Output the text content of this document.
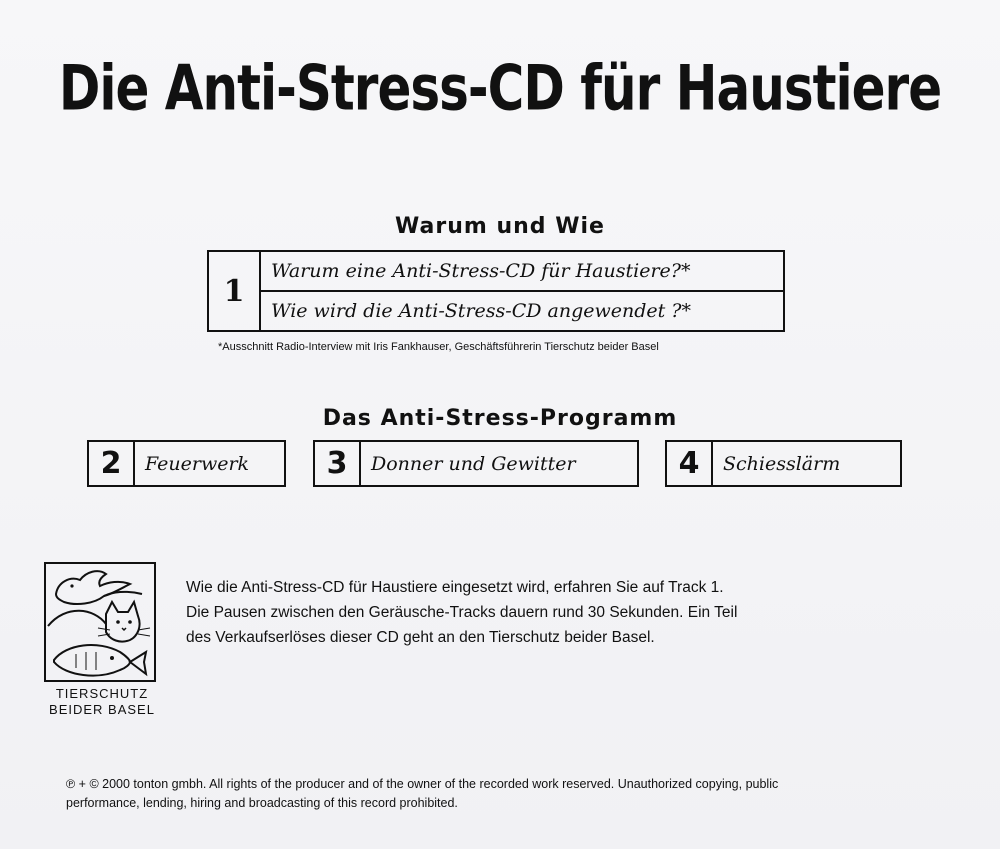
Die Anti-Stress-CD für Haustiere
Warum und Wie
1
Warum eine Anti-Stress-CD für Haustiere?*
Wie wird die Anti-Stress-CD angewendet ?*
*Ausschnitt Radio-Interview mit Iris Fankhauser, Geschäftsführerin Tierschutz beider Basel
Das Anti-Stress-Programm
2	Feuerwerk	3	Donner und Gewitter	4	Schiesslärm
TIERSCHUTZ
BEIDER BASEL
Wie die Anti-Stress-CD für Haustiere eingesetzt wird, erfahren Sie auf Track 1.
Die Pausen zwischen den Geräusche-Tracks dauern rund 30 Sekunden. Ein Teil
des Verkaufserlöses dieser CD geht an den Tierschutz beider Basel.
℗ + © 2000 tonton gmbh. All rights of the producer and of the owner of the recorded work reserved. Unauthorized copying, public
performance, lending, hiring and broadcasting of this record prohibited.
